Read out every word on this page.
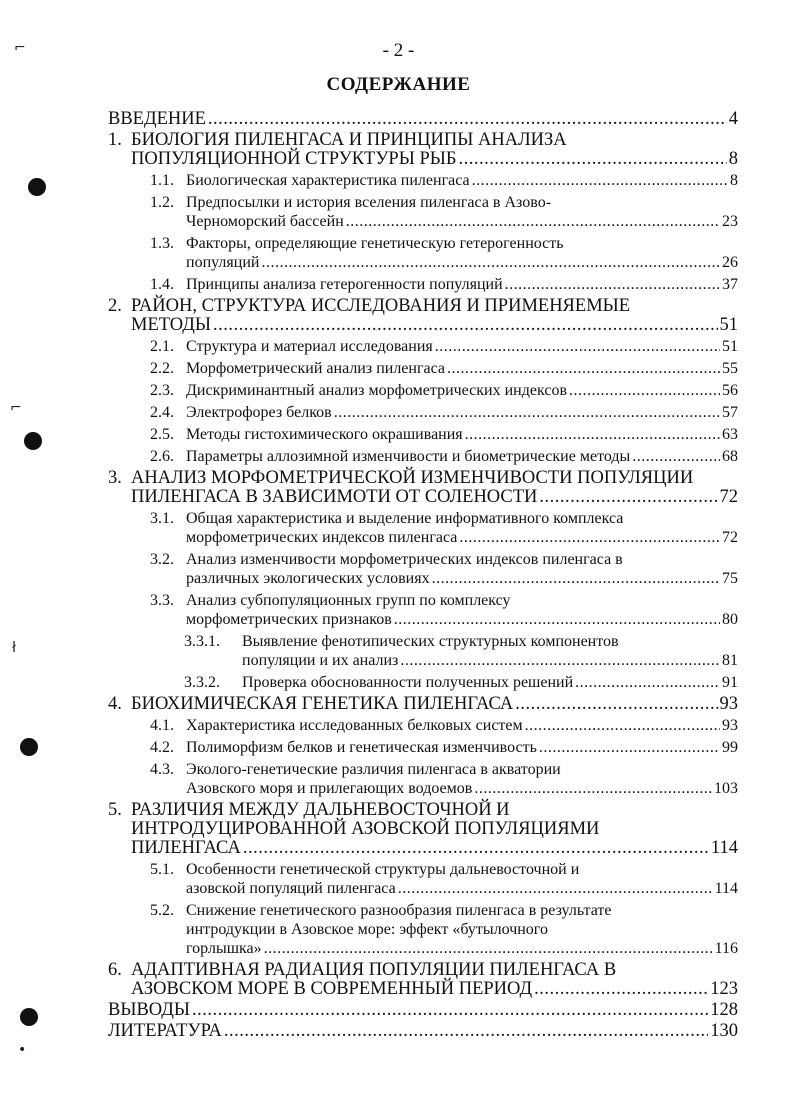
- 2 -
СОДЕРЖАНИЕ
ВВЕДЕНИЕ .....	4
1. БИОЛОГИЯ ПИЛЕНГАСА И ПРИНЦИПЫ АНАЛИЗА
ПОПУЛЯЦИОННОЙ СТРУКТУРЫ РЫБ .....	8
1.1. Биологическая характеристика пиленгаса .....	8
1.2. Предпосылки и история вселения пиленгаса в Азово-
Черноморский бассейн .....	23
1.3. Факторы, определяющие генетическую гетерогенность
популяций .....	26
1.4. Принципы анализа гетерогенности популяций .....	37
2. РАЙОН, СТРУКТУРА ИССЛЕДОВАНИЯ И ПРИМЕНЯЕМЫЕ
МЕТОДЫ .....	51
2.1. Структура и материал исследования .....	51
2.2. Морфометрический анализ пиленгаса .....	55
2.3. Дискриминантный анализ морфометрических индексов .....	56
2.4. Электрофорез белков .....	57
2.5. Методы гистохимического окрашивания .....	63
2.6. Параметры аллозимной изменчивости и биометрические методы .....	68
3. АНАЛИЗ МОРФОМЕТРИЧЕСКОЙ ИЗМЕНЧИВОСТИ ПОПУЛЯЦИИ
ПИЛЕНГАСА В ЗАВИСИМОТИ ОТ СОЛЕНОСТИ .....	72
3.1. Общая характеристика и выделение информативного комплекса
морфометрических индексов пиленгаса .....	72
3.2. Анализ изменчивости морфометрических индексов пиленгаса в
различных экологических условиях .....	75
3.3. Анализ субпопуляционных групп по комплексу
морфометрических признаков .....	80
3.3.1.	Выявление фенотипических структурных компонентов
популяции и их анализ .....	81
3.3.2.	Проверка обоснованности полученных решений .....	91
4. БИОХИМИЧЕСКАЯ ГЕНЕТИКА ПИЛЕНГАСА .....	93
4.1. Характеристика исследованных белковых систем .....	93
4.2. Полиморфизм белков и генетическая изменчивость .....	99
4.3. Эколого-генетические различия пиленгаса в акватории
Азовского моря и прилегающих водоемов .....	103
5. РАЗЛИЧИЯ МЕЖДУ ДАЛЬНЕВОСТОЧНОЙ И
ИНТРОДУЦИРОВАННОЙ АЗОВСКОЙ ПОПУЛЯЦИЯМИ
ПИЛЕНГАСА .....	114
5.1. Особенности генетической структуры дальневосточной и
азовской популяций пиленгаса .....	114
5.2. Снижение генетического разнообразия пиленгаса в результате
интродукции в Азовское море: эффект «бутылочного
горлышка» .....	116
6. АДАПТИВНАЯ РАДИАЦИЯ ПОПУЛЯЦИИ ПИЛЕНГАСА В
АЗОВСКОМ МОРЕ В СОВРЕМЕННЫЙ ПЕРИОД .....	123
ВЫВОДЫ .....	128
ЛИТЕРАТУРА .....	130
⌐
⌐
ł
•
